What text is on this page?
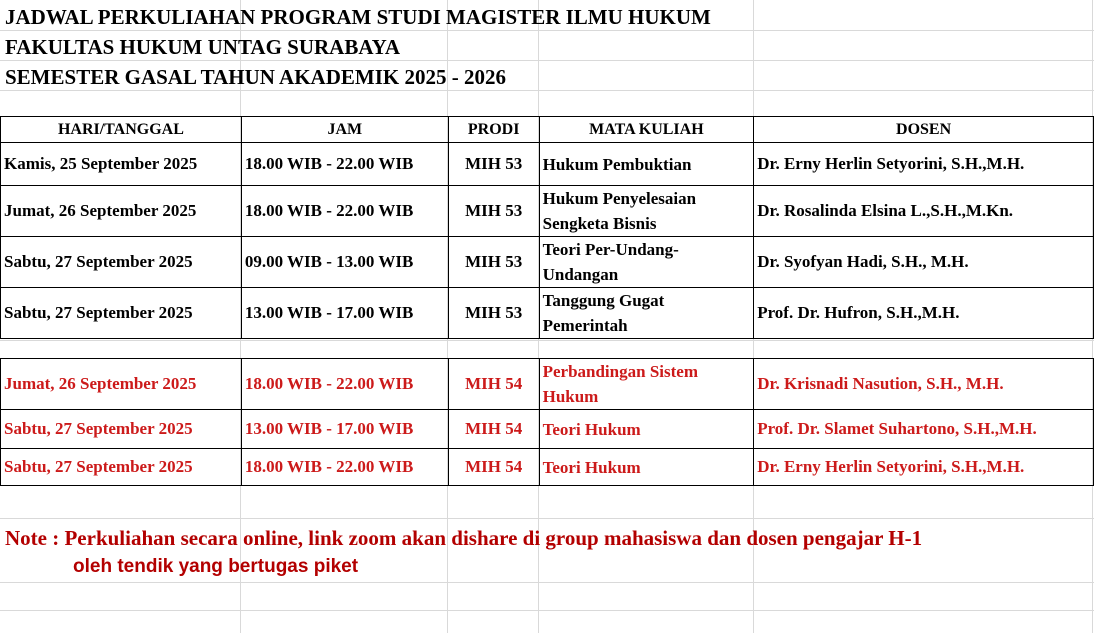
JADWAL PERKULIAHAN PROGRAM STUDI MAGISTER ILMU HUKUM
FAKULTAS HUKUM UNTAG SURABAYA
SEMESTER GASAL TAHUN AKADEMIK 2025 - 2026
HARI/TANGGAL	JAM	PRODI	MATA KULIAH	DOSEN
Kamis, 25 September 2025	18.00 WIB - 22.00 WIB	MIH 53	Hukum Pembuktian	Dr. Erny Herlin Setyorini, S.H.,M.H.
Jumat, 26 September 2025	18.00 WIB - 22.00 WIB	MIH 53	Hukum Penyelesaian Sengketa Bisnis	Dr. Rosalinda Elsina L.,S.H.,M.Kn.
Sabtu, 27 September 2025	09.00 WIB - 13.00 WIB	MIH 53	Teori Per-Undang-Undangan	Dr. Syofyan Hadi, S.H., M.H.
Sabtu, 27 September 2025	13.00 WIB - 17.00 WIB	MIH 53	Tanggung Gugat Pemerintah	Prof. Dr. Hufron, S.H.,M.H.
Jumat, 26 September 2025	18.00 WIB - 22.00 WIB	MIH 54	Perbandingan Sistem Hukum	Dr. Krisnadi Nasution, S.H., M.H.
Sabtu, 27 September 2025	13.00 WIB - 17.00 WIB	MIH 54	Teori Hukum	Prof. Dr. Slamet Suhartono, S.H.,M.H.
Sabtu, 27 September 2025	18.00 WIB - 22.00 WIB	MIH 54	Teori Hukum	Dr. Erny Herlin Setyorini, S.H.,M.H.
Note : Perkuliahan secara online, link zoom akan dishare di group mahasiswa dan dosen pengajar H-1
oleh tendik yang bertugas piket
